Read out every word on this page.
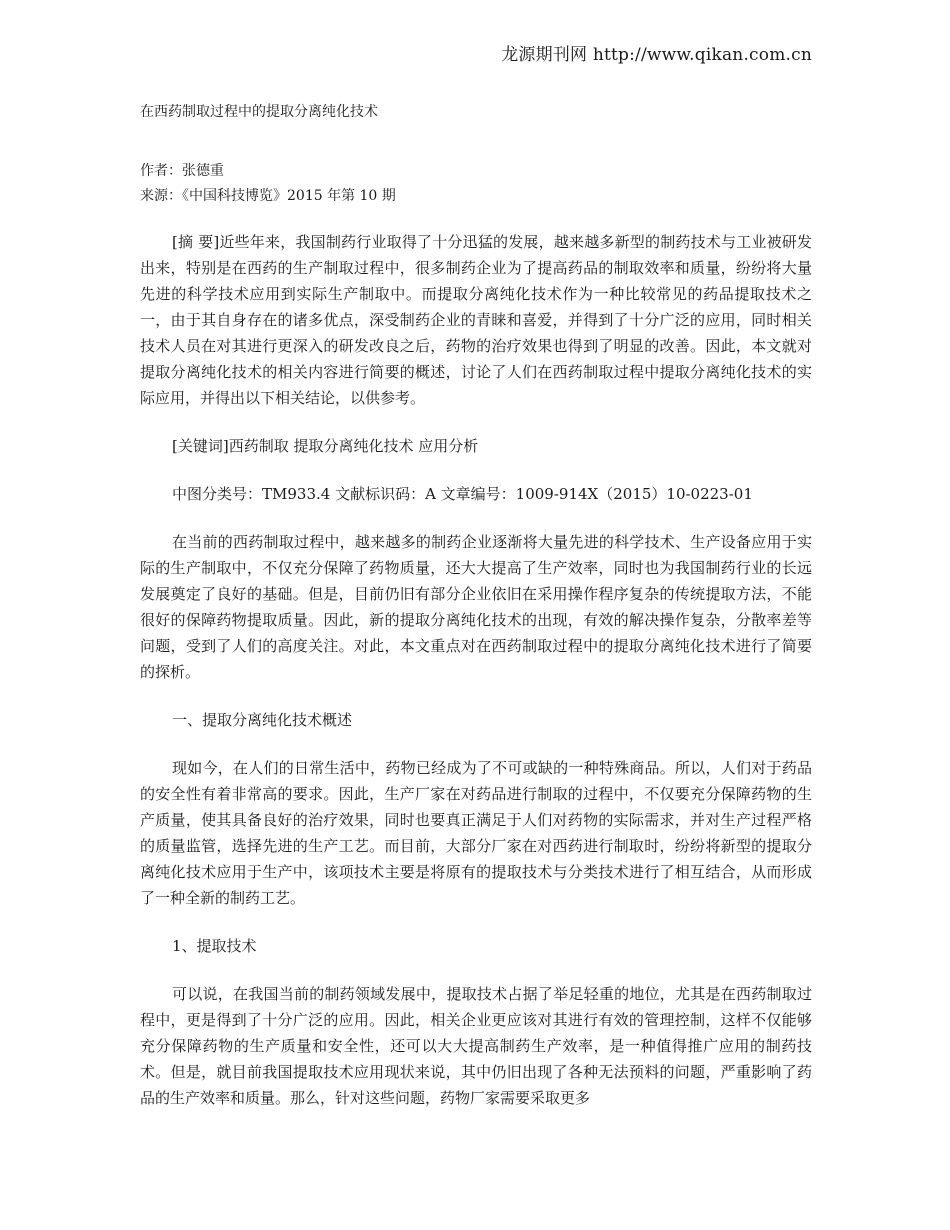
龙源期刊网 http://www.qikan.com.cn
在西药制取过程中的提取分离纯化技术
作者：张德重
来源：《中国科技博览》2015 年第 10 期

[摘 要]近些年来，我国制药行业取得了十分迅猛的发展，越来越多新型的制药技术与工业被研发出来，特别是在西药的生产制取过程中，很多制药企业为了提高药品的制取效率和质量，纷纷将大量先进的科学技术应用到实际生产制取中。而提取分离纯化技术作为一种比较常见的药品提取技术之一，由于其自身存在的诸多优点，深受制药企业的青睐和喜爱，并得到了十分广泛的应用，同时相关技术人员在对其进行更深入的研发改良之后，药物的治疗效果也得到了明显的改善。因此，本文就对提取分离纯化技术的相关内容进行简要的概述，讨论了人们在西药制取过程中提取分离纯化技术的实际应用，并得出以下相关结论，以供参考。

[关键词]西药制取 提取分离纯化技术 应用分析

中图分类号：TM933.4 文献标识码：A 文章编号：1009-914X（2015）10-0223-01

在当前的西药制取过程中，越来越多的制药企业逐渐将大量先进的科学技术、生产设备应用于实际的生产制取中，不仅充分保障了药物质量，还大大提高了生产效率，同时也为我国制药行业的长远发展奠定了良好的基础。但是，目前仍旧有部分企业依旧在采用操作程序复杂的传统提取方法，不能很好的保障药物提取质量。因此，新的提取分离纯化技术的出现，有效的解决操作复杂，分散率差等问题，受到了人们的高度关注。对此，本文重点对在西药制取过程中的提取分离纯化技术进行了简要的探析。

一、提取分离纯化技术概述

现如今，在人们的日常生活中，药物已经成为了不可或缺的一种特殊商品。所以，人们对于药品的安全性有着非常高的要求。因此，生产厂家在对药品进行制取的过程中，不仅要充分保障药物的生产质量，使其具备良好的治疗效果，同时也要真正满足于人们对药物的实际需求，并对生产过程严格的质量监管，选择先进的生产工艺。而目前，大部分厂家在对西药进行制取时，纷纷将新型的提取分离纯化技术应用于生产中，该项技术主要是将原有的提取技术与分类技术进行了相互结合，从而形成了一种全新的制药工艺。

1、提取技术

可以说，在我国当前的制药领域发展中，提取技术占据了举足轻重的地位，尤其是在西药制取过程中，更是得到了十分广泛的应用。因此，相关企业更应该对其进行有效的管理控制，这样不仅能够充分保障药物的生产质量和安全性，还可以大大提高制药生产效率，是一种值得推广应用的制药技术。但是，就目前我国提取技术应用现状来说，其中仍旧出现了各种无法预料的问题，严重影响了药品的生产效率和质量。那么，针对这些问题，药物厂家需要采取更多
